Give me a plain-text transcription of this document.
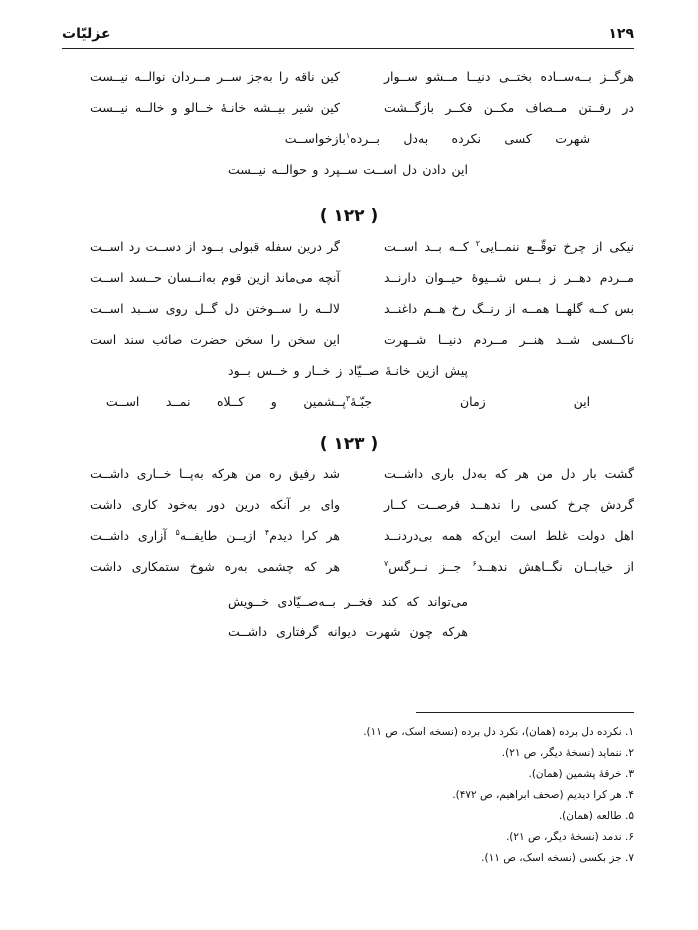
۱۲۹
عزلیّات
هرگــز بــه‌ســاده بختــی دنیــا مــشو ســوار
کین ناقه را به‌جز ســر مــردان نوالــه نیــست
در رفــتن مــصاف مکــن فکــر بازگــشت
کین شیر بیــشه خانـهٔ خــالو و خالــه نیــست
شهرت کسی نکرده به‌دل بــرده$^۱$بازخواســت
این دادن دل اســت ســپرد و حوالــه نیــست
( ۱۲۲ )
نیکی از چرخ توقّــع ننمــایی$^۲$ کــه بــد اســت
گر درین سفله قبولی بــود از دســت رد اســت
مــردم دهــر ز بــس شــیوهٔ حیــوان دارنــد
آنچه می‌ماند ازین قوم به‌انــسان حــسد اســت
بس کــه گلهــا همــه از رنــگ رخ هــم داغنــد
لالــه را ســوختن دل گــل روی ســبد اســت
ناکــسی شــد هنــر مــردم دنیــا شــهرت
این سخن را سخن حضرت صائب سند است
پیش ازین خانـهٔ صــیّاد ز خــار و خــس بــود
این زمان جبّـهٔ$^۳$پــشمین و کــلاه نمــد اســت
( ۱۲۳ )
گشت بار دل من هر که به‌دل باری داشــت
شد رفیق ره من هرکه به‌پــا خــاری داشــت
گردش چرخ کسی را ندهــد فرصــت کــار
وای بر آنکه درین دور به‌خود کاری داشت
اهل دولت غلط است این‌که همه بی‌دردنــد
هر کرا دیدم$^۴$ ازیــن طایفــه$^۵$ آزاری داشــت
از خیابــان نگــاهش ندهــد$^۶$ جــز نــرگس$^۷$
هر که چشمی به‌ره شوخ ستمکاری داشت
می‌تواند که کند فخــر بــه‌صــیّادی خــویش
هرکه چون شهرت دیوانه گرفتاری داشــت
۱. نکرده دل برده (همان)، نکرد دل برده (نسخه اسک، ص ۱۱).
۲. ننماید (نسخهٔ دیگر، ص ۲۱).
۳. خرقهٔ پشمین (همان).
۴. هر کرا دیدیم (صحف ابراهیم، ص ۴۷۲).
۵. طالعه (همان).
۶. ندمد (نسخهٔ دیگر، ص ۲۱).
۷. جز بکسی (نسخه اسک، ص ۱۱).
